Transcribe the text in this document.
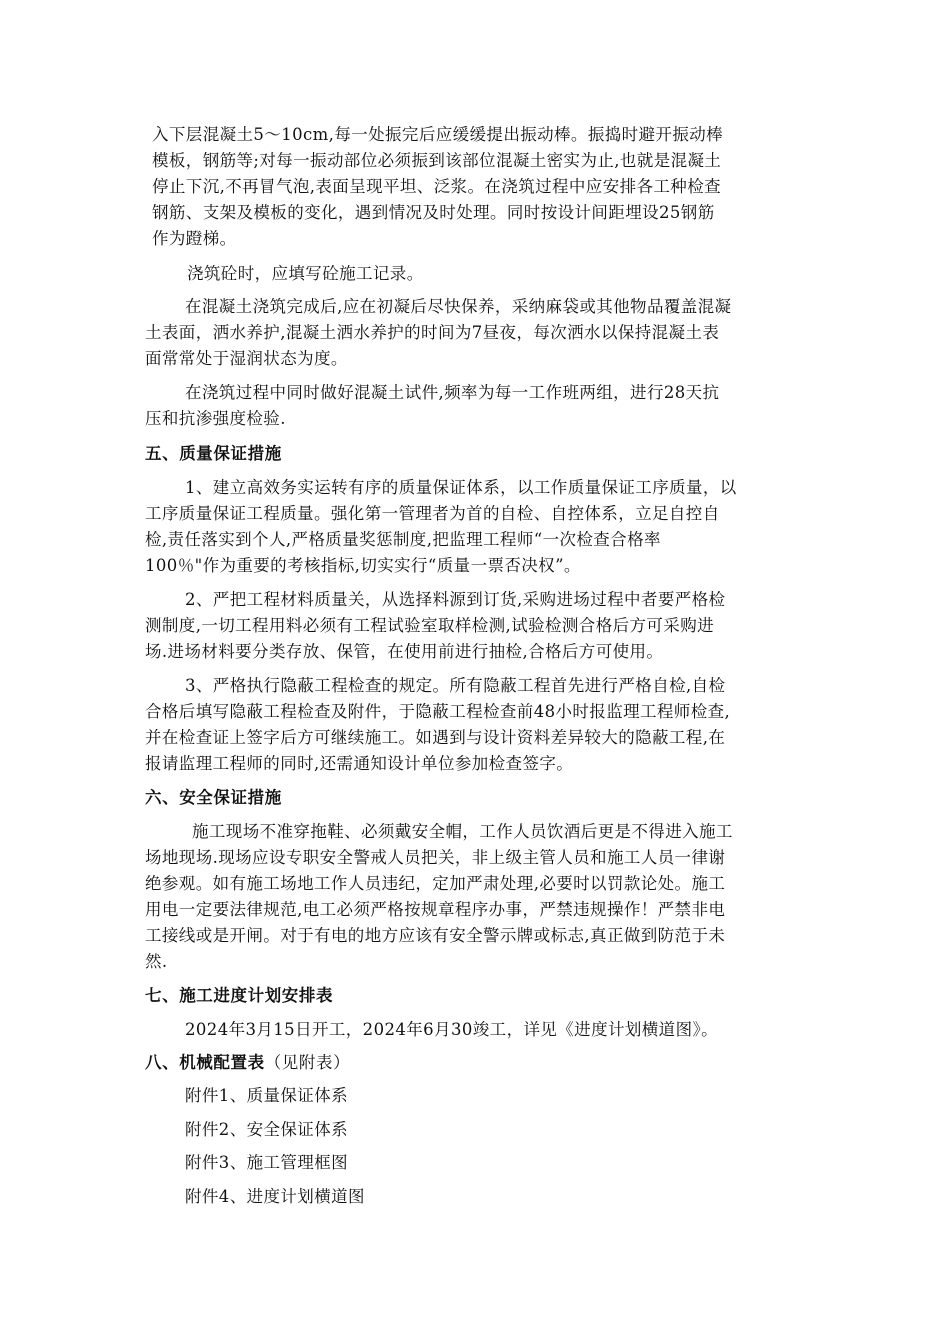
入下层混凝土5～10cm,每一处振完后应缓缓提出振动棒。振捣时避开振动棒
模板，钢筋等;对每一振动部位必须振到该部位混凝土密实为止,也就是混凝土
停止下沉,不再冒气泡,表面呈现平坦、泛浆。在浇筑过程中应安排各工种检查
钢筋、支架及模板的变化，遇到情况及时处理。同时按设计间距埋设25钢筋
作为蹬梯。
浇筑砼时，应填写砼施工记录。
在混凝土浇筑完成后,应在初凝后尽快保养，采纳麻袋或其他物品覆盖混凝
土表面，洒水养护,混凝土洒水养护的时间为7昼夜，每次洒水以保持混凝土表
面常常处于湿润状态为度。
在浇筑过程中同时做好混凝土试件,频率为每一工作班两组，进行28天抗
压和抗渗强度检验.
五、质量保证措施
1、建立高效务实运转有序的质量保证体系，以工作质量保证工序质量，以
工序质量保证工程质量。强化第一管理者为首的自检、自控体系，立足自控自
检,责任落实到个人,严格质量奖惩制度,把监理工程师“一次检查合格率
100％"作为重要的考核指标,切实实行“质量一票否决权”。
2、严把工程材料质量关，从选择料源到订货,采购进场过程中者要严格检
测制度,一切工程用料必须有工程试验室取样检测,试验检测合格后方可采购进
场.进场材料要分类存放、保管，在使用前进行抽检,合格后方可使用。
3、严格执行隐蔽工程检查的规定。所有隐蔽工程首先进行严格自检,自检
合格后填写隐蔽工程检查及附件，于隐蔽工程检查前48小时报监理工程师检查,
并在检查证上签字后方可继续施工。如遇到与设计资料差异较大的隐蔽工程,在
报请监理工程师的同时,还需通知设计单位参加检查签字。
六、安全保证措施
施工现场不准穿拖鞋、必须戴安全帽，工作人员饮酒后更是不得进入施工
场地现场.现场应设专职安全警戒人员把关，非上级主管人员和施工人员一律谢
绝参观。如有施工场地工作人员违纪，定加严肃处理,必要时以罚款论处。施工
用电一定要法律规范,电工必须严格按规章程序办事，严禁违规操作！严禁非电
工接线或是开闸。对于有电的地方应该有安全警示牌或标志,真正做到防范于未
然.
七、施工进度计划安排表
2024年3月15日开工，2024年6月30竣工，详见《进度计划横道图》。
八、机械配置表（见附表）
附件1、质量保证体系
附件2、安全保证体系
附件3、施工管理框图
附件4、进度计划横道图
